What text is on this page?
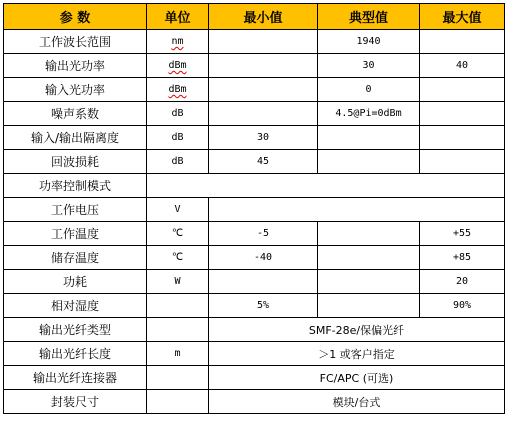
参 数	单位	最小值	典型值	最大值
工作波长范围	nm		1940	
输出光功率	dBm		30	40
输入光功率	dBm		0	
噪声系数	dB		4.5@Pi=0dBm	
输入/输出隔离度	dB	30		
回波损耗	dB	45		
功率控制模式				
工作电压	V			
工作温度	℃	-5		+55
储存温度	℃	-40		+85
功耗	W			20
相对湿度		5%		90%
输出光纤类型		SMF-28e/保偏光纤		
输出光纤长度	m	＞1 或客户指定		
输出光纤连接器		FC/APC (可选)		
封装尺寸		模块/台式		
